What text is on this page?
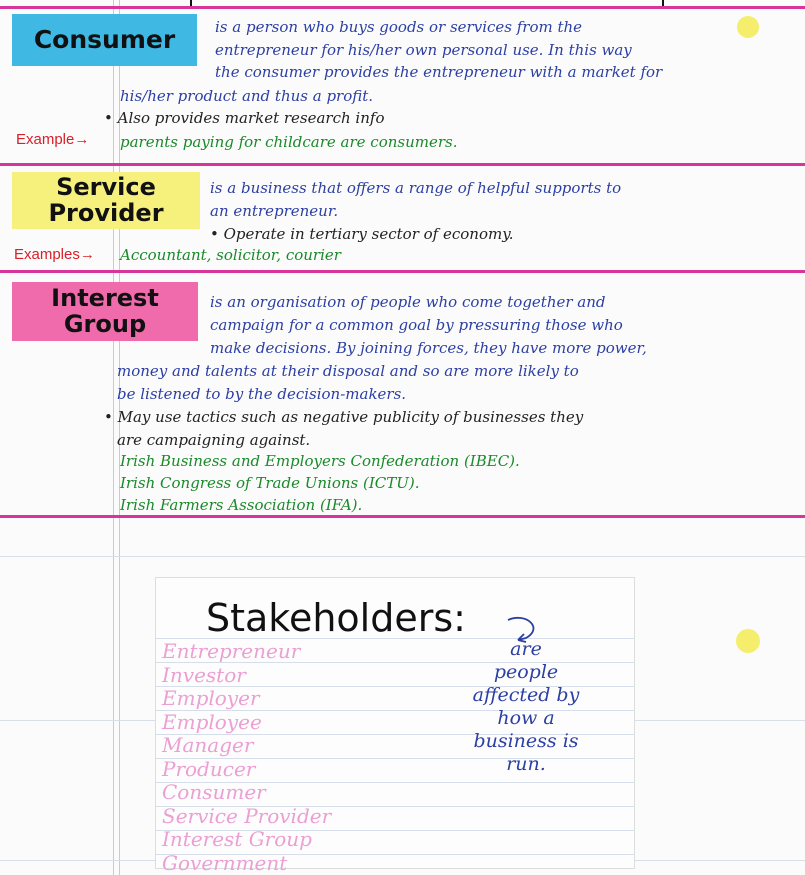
Consumer	is a person who buys goods or services from the
entrepreneur for his/her own personal use. In this way
the consumer provides the entrepreneur with a market for
his/her product and thus a profit.
• Also provides market research info
Example→ parents paying for childcare are consumers.
Service
Provider
is a business that offers a range of helpful supports to
an entrepreneur.
• Operate in tertiary sector of economy.
Examples→ Accountant, solicitor, courier
Interest
Group
is an organisation of people who come together and
campaign for a common goal by pressuring those who
make decisions. By joining forces, they have more power,
money and talents at their disposal and so are more likely to
be listened to by the decision-makers.
• May use tactics such as negative publicity of businesses they
are campaigning against.
Irish Business and Employers Confederation (IBEC).
Irish Congress of Trade Unions (ICTU).
Irish Farmers Association (IFA).
Stakeholders:
Entrepreneur
Investor
Employer
Employee
Manager
Producer
Consumer
Service Provider
Interest Group
Government
are
people
affected by
how a
business is
run.
